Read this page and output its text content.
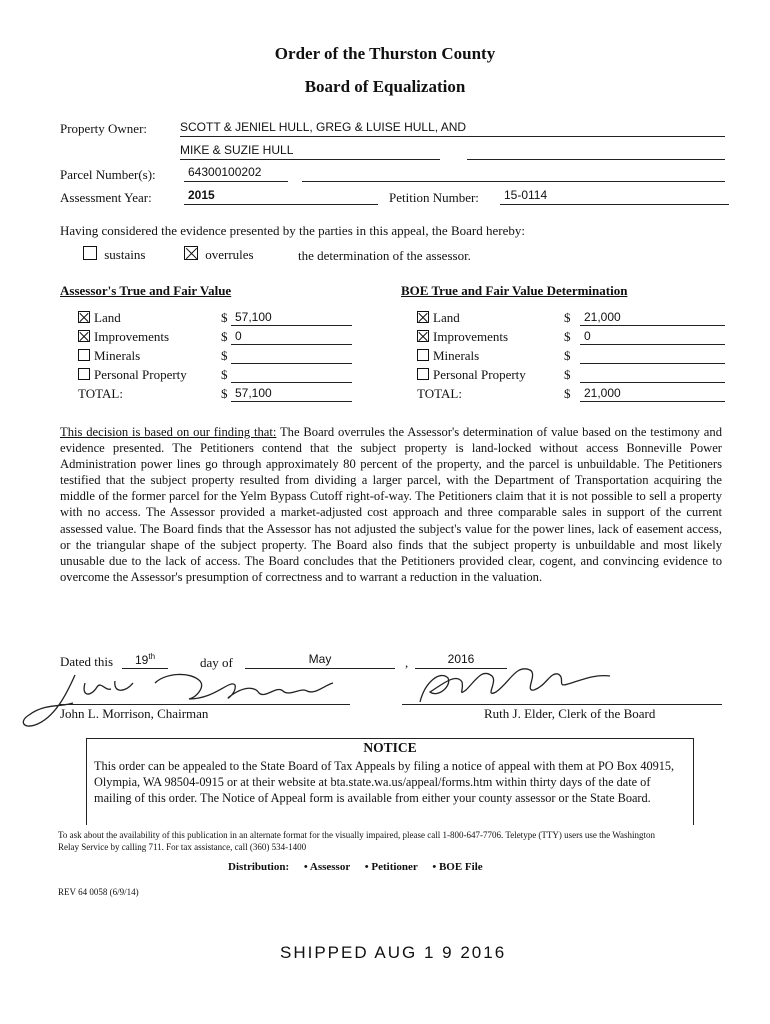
Order of the Thurston County
Board of Equalization
Property Owner:	SCOTT & JENIEL HULL, GREG & LUISE HULL, AND
MIKE & SUZIE HULL
Parcel Number(s):	64300100202
Assessment Year:	2015	Petition Number:	15-0114
Having considered the evidence presented by the parties in this appeal, the Board hereby:
sustains	overrules	the determination of the assessor.
Assessor's True and Fair Value
Land	$ 57,100
Improvements	$ 0
Minerals	$
Personal Property	$
TOTAL:	$ 57,100
BOE True and Fair Value Determination
Land	$	21,000
Improvements	$	0
Minerals	$
Personal Property	$
TOTAL:	$	21,000
This decision is based on our finding that: The Board overrules the Assessor's determination of value based on the testimony and evidence presented. The Petitioners contend that the subject property is land-locked without access Bonneville Power Administration power lines go through approximately 80 percent of the property, and the parcel is unbuildable. The Petitioners testified that the subject property resulted from dividing a larger parcel, with the Department of Transportation acquiring the middle of the former parcel for the Yelm Bypass Cutoff right-of-way. The Petitioners claim that it is not possible to sell a property with no access. The Assessor provided a market-adjusted cost approach and three comparable sales in support of the current assessed value. The Board finds that the Assessor has not adjusted the subject's value for the power lines, lack of easement access, or the triangular shape of the subject property. The Board also finds that the subject property is unbuildable and most likely unusable due to the lack of access. The Board concludes that the Petitioners provided clear, cogent, and convincing evidence to overcome the Assessor's presumption of correctness and to warrant a reduction in the valuation.
Dated this	19th	day of	May	,	2016
John L. Morrison, Chairman	Ruth J. Elder, Clerk of the Board
NOTICE
This order can be appealed to the State Board of Tax Appeals by filing a notice of appeal with them at PO Box 40915, Olympia, WA 98504-0915 or at their website at bta.state.wa.us/appeal/forms.htm within thirty days of the date of mailing of this order. The Notice of Appeal form is available from either your county assessor or the State Board.
To ask about the availability of this publication in an alternate format for the visually impaired, please call 1-800-647-7706. Teletype (TTY) users use the Washington Relay Service by calling 711. For tax assistance, call (360) 534-1400
Distribution: • Assessor • Petitioner • BOE File
REV 64 0058 (6/9/14)
SHIPPED AUG 1 9 2016
